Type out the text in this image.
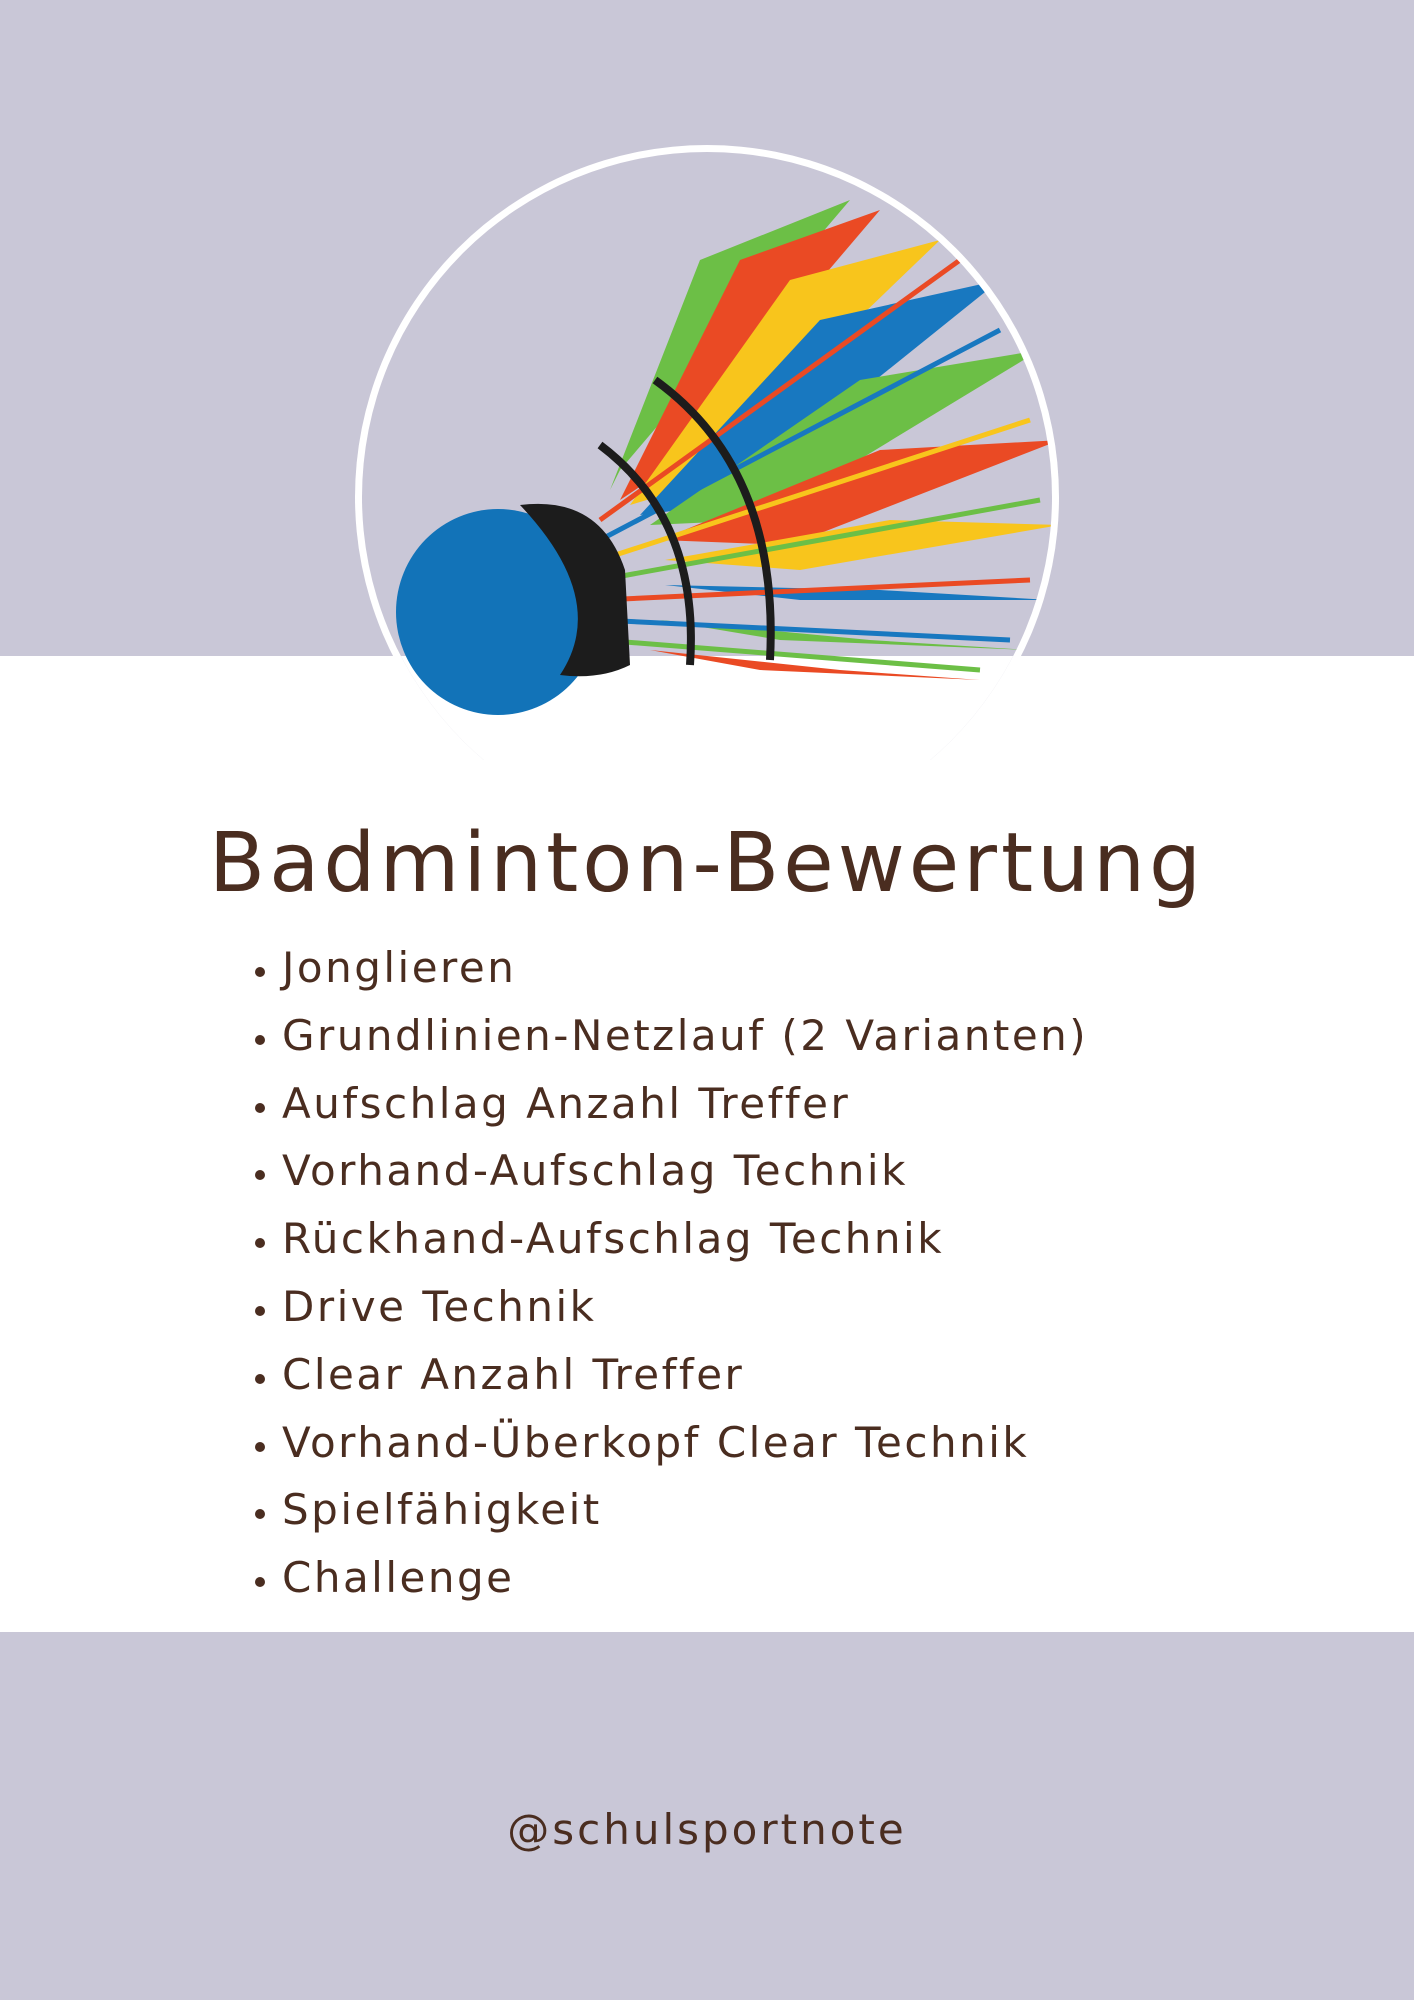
Badminton-Bewertung
• Jonglieren
• Grundlinien-Netzlauf (2 Varianten)
• Aufschlag Anzahl Treffer
• Vorhand-Aufschlag Technik
• Rückhand-Aufschlag Technik
• Drive Technik
• Clear Anzahl Treffer
• Vorhand-Überkopf Clear Technik
• Spielfähigkeit
• Challenge
@schulsportnote
